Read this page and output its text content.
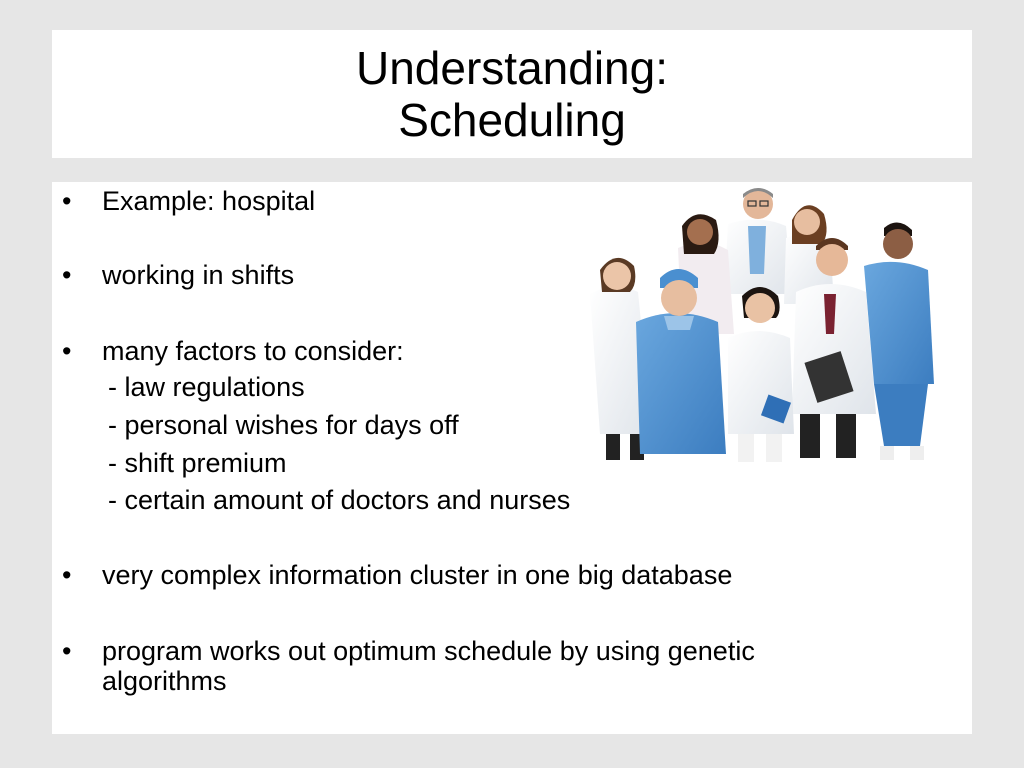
Understanding:
Scheduling
•	Example: hospital
•	working in shifts
•	many factors to consider:
- law regulations
- personal wishes for days off
- shift premium
- certain amount of doctors and nurses
•	very complex information cluster in one big database
•	program works out optimum schedule by using genetic
algorithms
